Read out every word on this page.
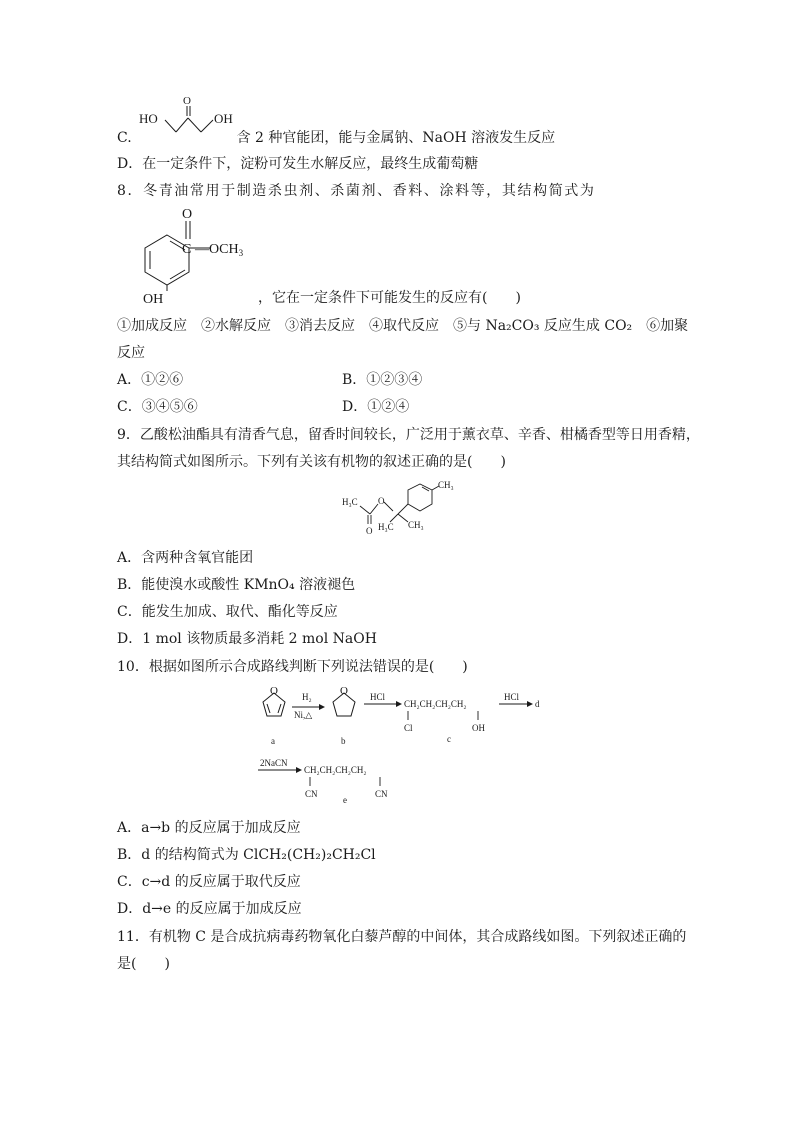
O
HO	OH
C.	含 2 种官能团，能与金属钠、NaOH 溶液发生反应
D．在一定条件下，淀粉可发生水解反应，最终生成葡萄糖
8．冬青油常用于制造杀虫剂、杀菌剂、香料、涂料等，其结构简式为
O
C $—OCH_3$
OH	，它在一定条件下可能发生的反应有(　　)
①加成反应　②水解反应　③消去反应　④取代反应　⑤与 Na₂CO₃ 反应生成 CO₂　⑥加聚
反应
A．①②⑥	B．①②③④
C．③④⑤⑥	D．①②④
9．乙酸松油酯具有清香气息，留香时间较长，广泛用于薰衣草、辛香、柑橘香型等日用香精，
其结构简式如图所示。下列有关该有机物的叙述正确的是(　　)
H₃C O
O
CH₃
H₃C CH₃
A．含两种含氧官能团
B．能使溴水或酸性 KMnO₄ 溶液褪色
C．能发生加成、取代、酯化等反应
D．1 mol 该物质最多消耗 2 mol NaOH
10．根据如图所示合成路线判断下列说法错误的是(　　)
O
a
H₂
Ni,△
O
b
HCl
CH₂CH₂CH₂CH₂
Cl	OH
c
HCl
d
2NaCN
CH₂CH₂CH₂CH₂
CN	CN
e
A．a→b 的反应属于加成反应
B．d 的结构简式为 ClCH₂(CH₂)₂CH₂Cl
C．c→d 的反应属于取代反应
D．d→e 的反应属于加成反应
11．有机物 C 是合成抗病毒药物氧化白藜芦醇的中间体，其合成路线如图。下列叙述正确的
是(　　)
